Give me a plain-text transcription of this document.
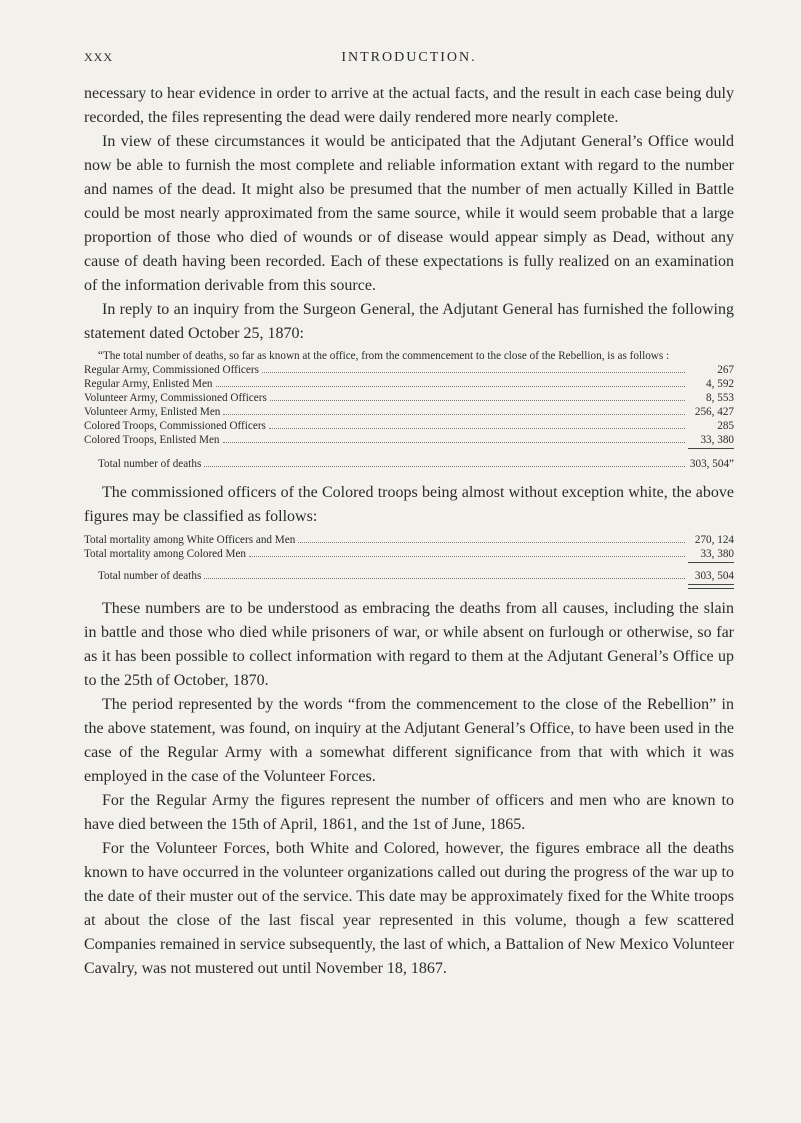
XXX	INTRODUCTION.

necessary to hear evidence in order to arrive at the actual facts, and the result in each case being duly recorded, the files representing the dead were daily rendered more nearly complete.

In view of these circumstances it would be anticipated that the Adjutant General’s Office would now be able to furnish the most complete and reliable information extant with regard to the number and names of the dead. It might also be presumed that the number of men actually Killed in Battle could be most nearly approximated from the same source, while it would seem probable that a large proportion of those who died of wounds or of disease would appear simply as Dead, without any cause of death having been recorded. Each of these expectations is fully realized on an examination of the information derivable from this source.

In reply to an inquiry from the Surgeon General, the Adjutant General has furnished the following statement dated October 25, 1870:

“The total number of deaths, so far as known at the office, from the commencement to the close of the Rebellion, is as follows :
Regular Army, Commissioned Officers	267
Regular Army, Enlisted Men	4, 592
Volunteer Army, Commissioned Officers	8, 553
Volunteer Army, Enlisted Men	256, 427
Colored Troops, Commissioned Officers	285
Colored Troops, Enlisted Men	33, 380
Total number of deaths	303, 504”

The commissioned officers of the Colored troops being almost without exception white, the above figures may be classified as follows:

Total mortality among White Officers and Men	270, 124
Total mortality among Colored Men	33, 380
Total number of deaths	303, 504

These numbers are to be understood as embracing the deaths from all causes, including the slain in battle and those who died while prisoners of war, or while absent on furlough or otherwise, so far as it has been possible to collect information with regard to them at the Adjutant General’s Office up to the 25th of October, 1870.

The period represented by the words “from the commencement to the close of the Rebellion” in the above statement, was found, on inquiry at the Adjutant General’s Office, to have been used in the case of the Regular Army with a somewhat different significance from that with which it was employed in the case of the Volunteer Forces.

For the Regular Army the figures represent the number of officers and men who are known to have died between the 15th of April, 1861, and the 1st of June, 1865.

For the Volunteer Forces, both White and Colored, however, the figures embrace all the deaths known to have occurred in the volunteer organizations called out during the progress of the war up to the date of their muster out of the service. This date may be approximately fixed for the White troops at about the close of the last fiscal year represented in this volume, though a few scattered Companies remained in service subsequently, the last of which, a Battalion of New Mexico Volunteer Cavalry, was not mustered out until November 18, 1867.
